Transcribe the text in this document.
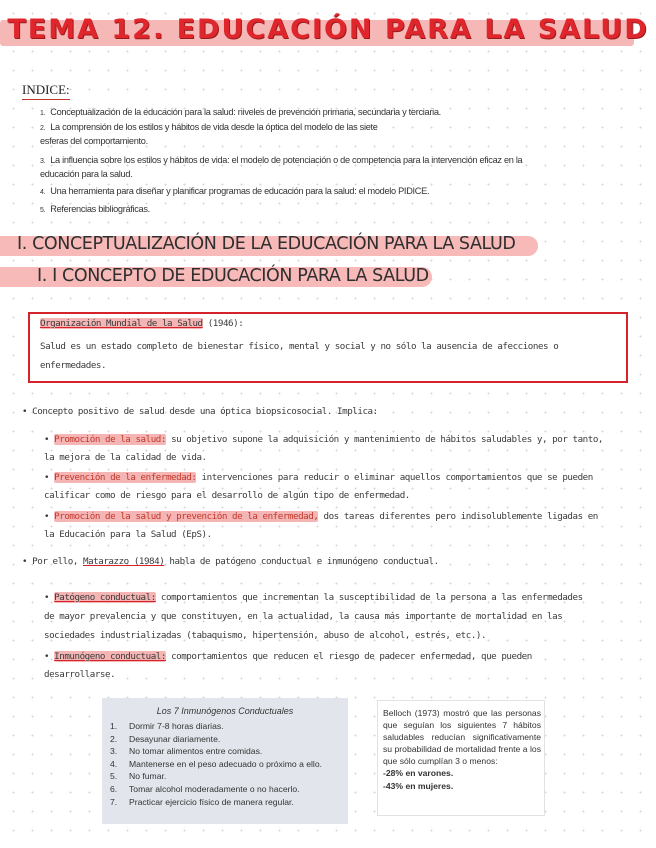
TEMA 12. EDUCACIÓN PARA LA SALUD
INDICE:
1. Conceptualización de la educación para la salud: niveles de prevención primaria, secundaria y terciaria.
2. La comprensión de los estilos y hábitos de vida desde la óptica del modelo de las siete
esferas del comportamiento.
3. La influencia sobre los estilos y hábitos de vida: el modelo de potenciación o de competencia para la intervención eficaz en la
educación para la salud.
4. Una herramienta para diseñar y planificar programas de educación para la salud: el modelo PIDICE.
5. Referencias bibliográficas.
I. CONCEPTUALIZACIÓN DE LA EDUCACIÓN PARA LA SALUD
I. I CONCEPTO DE EDUCACIÓN PARA LA SALUD
Organización Mundial de la Salud (1946):
Salud es un estado completo de bienestar físico, mental y social y no sólo la ausencia de afecciones o
enfermedades.
• Concepto positivo de salud desde una óptica biopsicosocial. Implica:
• Promoción de la salud: su objetivo supone la adquisición y mantenimiento de hábitos saludables y, por tanto,
la mejora de la calidad de vida.
• Prevención de la enfermedad: intervenciones para reducir o eliminar aquellos comportamientos que se pueden
calificar como de riesgo para el desarrollo de algún tipo de enfermedad.
• Promoción de la salud y prevención de la enfermedad, dos tareas diferentes pero indisolublemente ligadas en
la Educación para la Salud (EpS).
• Por ello, Matarazzo (1984) habla de patógeno conductual e inmunógeno conductual.
• Patógeno conductual: comportamientos que incrementan la susceptibilidad de la persona a las enfermedades
de mayor prevalencia y que constituyen, en la actualidad, la causa más importante de mortalidad en las
sociedades industrializadas (tabaquismo, hipertensión, abuso de alcohol, estrés, etc.).
• Inmunógeno conductual: comportamientos que reducen el riesgo de padecer enfermedad, que pueden
desarrollarse.
Los 7 Inmunógenos Conductuales
1. Dormir 7-8 horas diarias.
2. Desayunar diariamente.
3. No tomar alimentos entre comidas.
4. Mantenerse en el peso adecuado o próximo a ello.
5. No fumar.
6. Tomar alcohol moderadamente o no hacerlo.
7. Practicar ejercicio físico de manera regular.
Belloch (1973) mostró que las personas que seguían los siguientes 7 hábitos saludables reducían significativamente su probabilidad de mortalidad frente a los que sólo cumplían 3 o menos:
-28% en varones.
-43% en mujeres.
